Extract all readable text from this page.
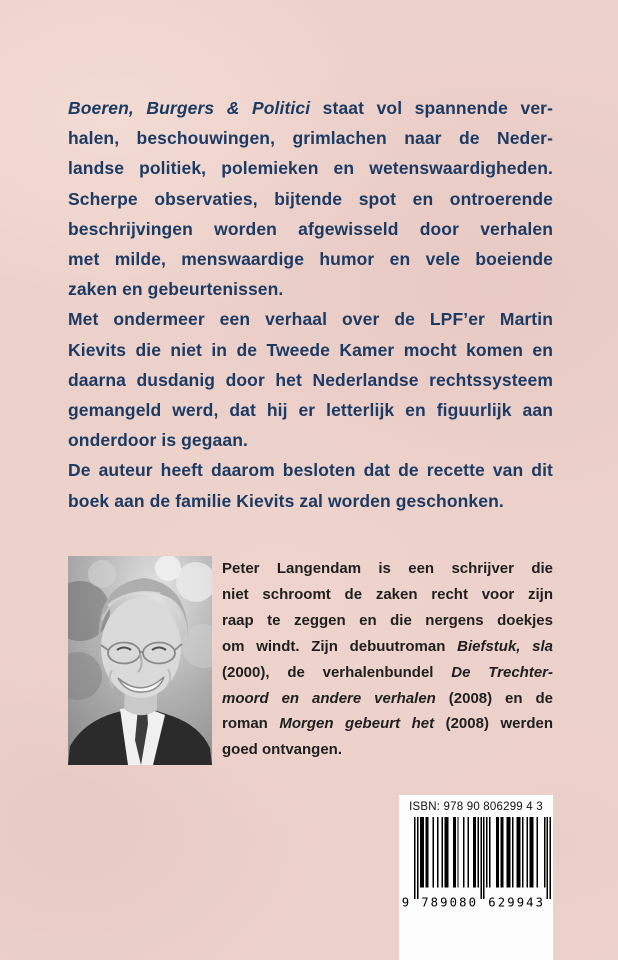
Boeren, Burgers & Politici staat vol spannende ver-
halen, beschouwingen, grimlachen naar de Neder-
landse politiek, polemieken en wetenswaardigheden.
Scherpe observaties, bijtende spot en ontroerende
beschrijvingen worden afgewisseld door verhalen
met milde, menswaardige humor en vele boeiende
zaken en gebeurtenissen.
Met ondermeer een verhaal over de LPF’er Martin
Kievits die niet in de Tweede Kamer mocht komen en
daarna dusdanig door het Nederlandse rechtssysteem
gemangeld werd, dat hij er letterlijk en figuurlijk aan
onderdoor is gegaan.
De auteur heeft daarom besloten dat de recette van dit
boek aan de familie Kievits zal worden geschonken.
Peter Langendam is een schrijver die
niet schroomt de zaken recht voor zijn
raap te zeggen en die nergens doekjes
om windt. Zijn debuutroman Biefstuk, sla
(2000), de verhalenbundel De Trechter-
moord en andere verhalen (2008) en de
roman Morgen gebeurt het (2008) werden
goed ontvangen.
ISBN: 978 90 806299 4 3
9 789080 629943
